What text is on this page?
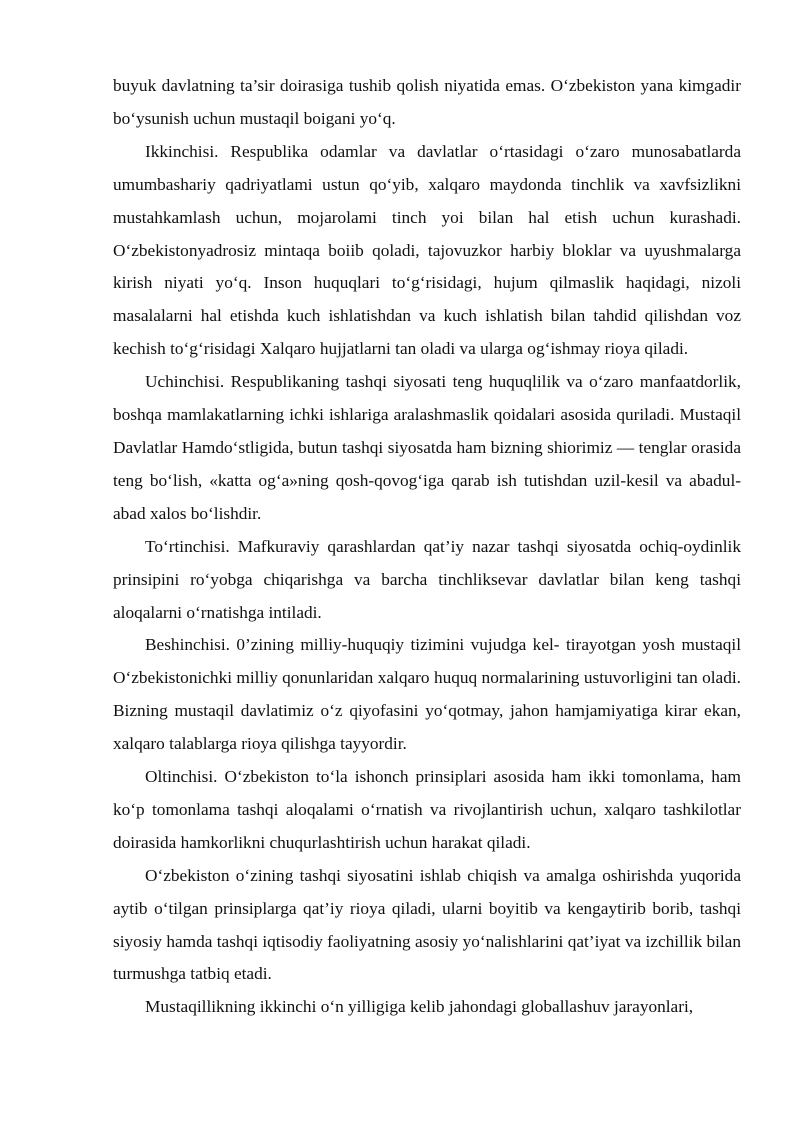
buyuk davlatning ta’sir doirasiga tushib qolish niyatida emas. O‘zbekiston yana kimgadir bo‘ysunish uchun mustaqil boigani yo‘q.

Ikkinchisi. Respublika odamlar va davlatlar o‘rtasidagi o‘zaro munosabatlarda umumbashariy qadriyatlami ustun qo‘yib, xalqaro maydonda tinchlik va xavfsizlikni mustahkamlash uchun, mojarolami tinch yoi bilan hal etish uchun kurashadi. O‘zbekistonyadrosiz mintaqa boiib qoladi, tajovuzkor harbiy bloklar va uyushmalarga kirish niyati yo‘q. Inson huquqlari to‘g‘risidagi, hujum qilmaslik haqidagi, nizoli masalalarni hal etishda kuch ishlatishdan va kuch ishlatish bilan tahdid qilishdan voz kechish to‘g‘risidagi Xalqaro hujjatlarni tan oladi va ularga og‘ishmay rioya qiladi.

Uchinchisi. Respublikaning tashqi siyosati teng huquqlilik va o‘zaro manfaatdorlik, boshqa mamlakatlarning ichki ishlariga aralashmaslik qoidalari asosida quriladi. Mustaqil Davlatlar Hamdo‘stligida, butun tashqi siyosatda ham bizning shiorimiz — tenglar orasida teng bo‘lish, «katta og‘a»ning qosh-qovog‘iga qarab ish tutishdan uzil-kesil va abadul-abad xalos bo‘lishdir.

To‘rtinchisi. Mafkuraviy qarashlardan qat’iy nazar tashqi siyosatda ochiq-oydinlik prinsipini ro‘yobga chiqarishga va barcha tinchliksevar davlatlar bilan keng tashqi aloqalarni o‘rnatishga intiladi.

Beshinchisi. 0’zining milliy-huquqiy tizimini vujudga kel- tirayotgan yosh mustaqil O‘zbekistonichki milliy qonunlaridan xalqaro huquq normalarining ustuvorligini tan oladi. Bizning mustaqil davlatimiz o‘z qiyofasini yo‘qotmay, jahon hamjamiyatiga kirar ekan, xalqaro talablarga rioya qilishga tayyordir.

Oltinchisi. O‘zbekiston to‘la ishonch prinsiplari asosida ham ikki tomonlama, ham ko‘p tomonlama tashqi aloqalami o‘rnatish va rivojlantirish uchun, xalqaro tashkilotlar doirasida hamkorlikni chuqurlashtirish uchun harakat qiladi.

O‘zbekiston o‘zining tashqi siyosatini ishlab chiqish va amalga oshirishda yuqorida aytib o‘tilgan prinsiplarga qat’iy rioya qiladi, ularni boyitib va kengaytirib borib, tashqi siyosiy hamda tashqi iqtisodiy faoliyatning asosiy yo‘nalishlarini qat’iyat va izchillik bilan turmushga tatbiq etadi.

Mustaqillikning ikkinchi o‘n yilligiga kelib jahondagi globallashuv jarayonlari,
